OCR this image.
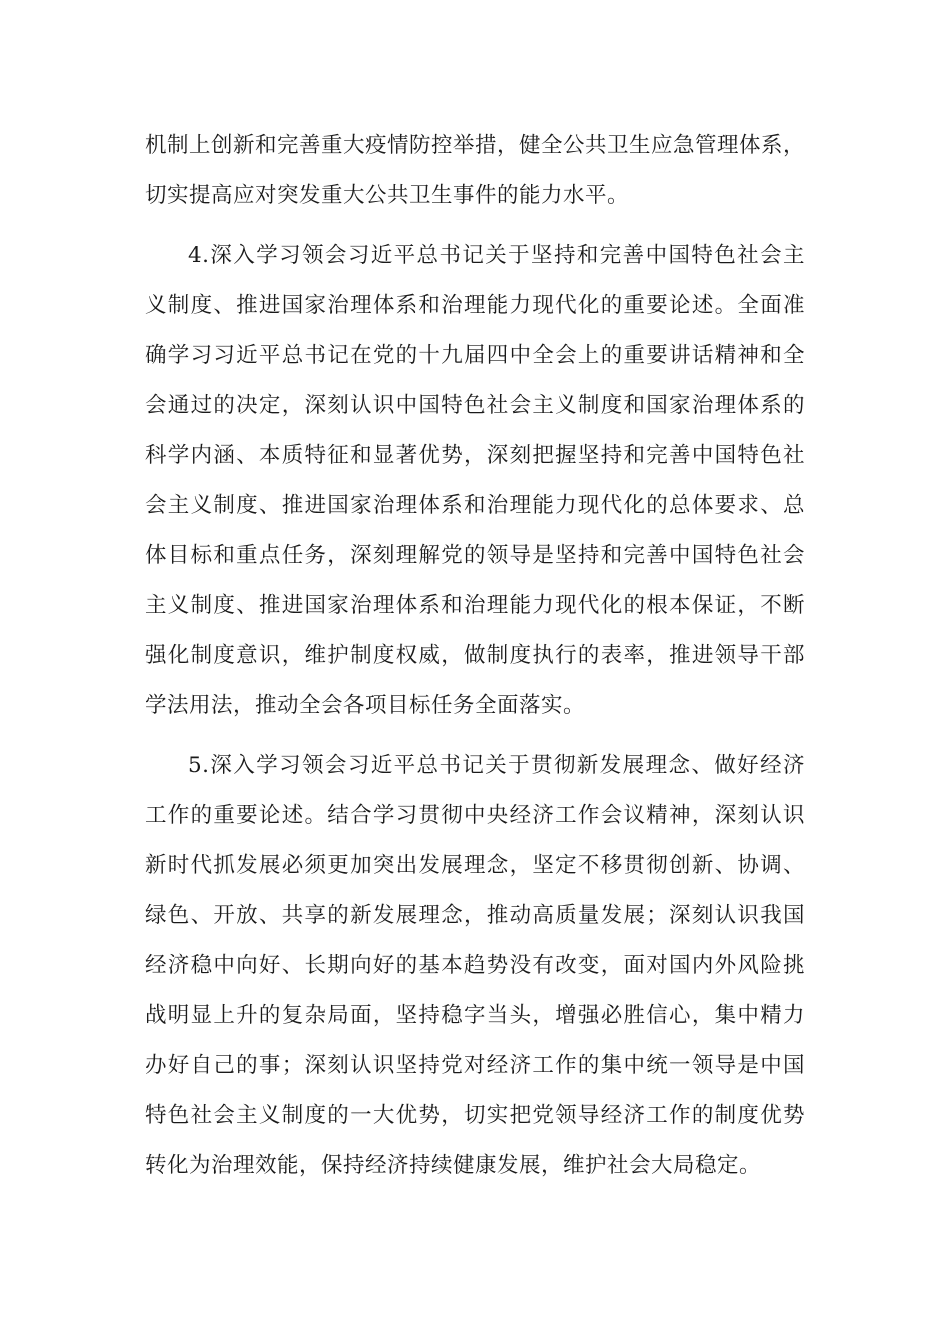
机制上创新和完善重大疫情防控举措，健全公共卫生应急管理体系，

切实提高应对突发重大公共卫生事件的能力水平。

4.深入学习领会习近平总书记关于坚持和完善中国特色社会主

义制度、推进国家治理体系和治理能力现代化的重要论述。全面准

确学习习近平总书记在党的十九届四中全会上的重要讲话精神和全

会通过的决定，深刻认识中国特色社会主义制度和国家治理体系的

科学内涵、本质特征和显著优势，深刻把握坚持和完善中国特色社

会主义制度、推进国家治理体系和治理能力现代化的总体要求、总

体目标和重点任务，深刻理解党的领导是坚持和完善中国特色社会

主义制度、推进国家治理体系和治理能力现代化的根本保证，不断

强化制度意识，维护制度权威，做制度执行的表率，推进领导干部

学法用法，推动全会各项目标任务全面落实。

5.深入学习领会习近平总书记关于贯彻新发展理念、做好经济

工作的重要论述。结合学习贯彻中央经济工作会议精神，深刻认识

新时代抓发展必须更加突出发展理念，坚定不移贯彻创新、协调、

绿色、开放、共享的新发展理念，推动高质量发展；深刻认识我国

经济稳中向好、长期向好的基本趋势没有改变，面对国内外风险挑

战明显上升的复杂局面，坚持稳字当头，增强必胜信心，集中精力

办好自己的事；深刻认识坚持党对经济工作的集中统一领导是中国

特色社会主义制度的一大优势，切实把党领导经济工作的制度优势

转化为治理效能，保持经济持续健康发展，维护社会大局稳定。
